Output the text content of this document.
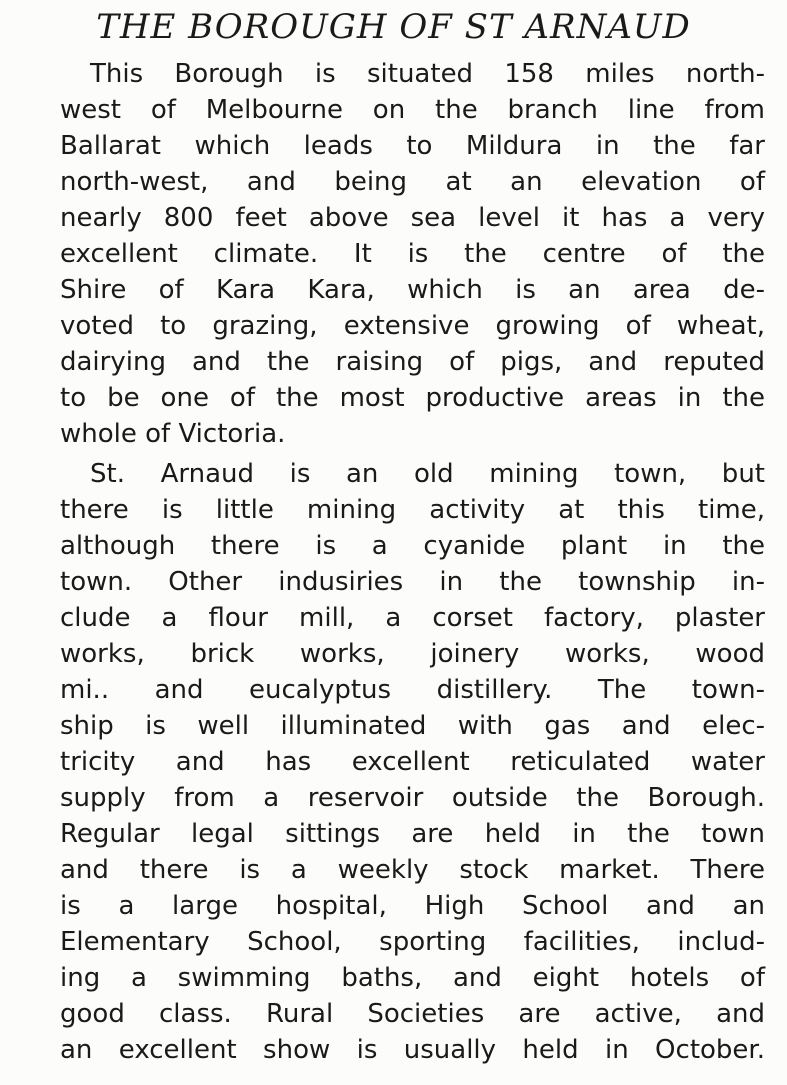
THE BOROUGH OF ST ARNAUD
This Borough is situated 158 miles north-
west of Melbourne on the branch line from
Ballarat which leads to Mildura in the far
north-west, and being at an elevation of
nearly 800 feet above sea level it has a very
excellent climate. It is the centre of the
Shire of Kara Kara, which is an area de-
voted to grazing, extensive growing of wheat,
dairying and the raising of pigs, and reputed
to be one of the most productive areas in the
whole of Victoria.
St. Arnaud is an old mining town, but
there is little mining activity at this time,
although there is a cyanide plant in the
town. Other indusiries in the township in-
clude a flour mill, a corset factory, plaster
works, brick works, joinery works, wood
mi.. and eucalyptus distillery. The town-
ship is well illuminated with gas and elec-
tricity and has excellent reticulated water
supply from a reservoir outside the Borough.
Regular legal sittings are held in the town
and there is a weekly stock market. There
is a large hospital, High School and an
Elementary School, sporting facilities, includ-
ing a swimming baths, and eight hotels of
good class. Rural Societies are active, and
an excellent show is usually held in October.
